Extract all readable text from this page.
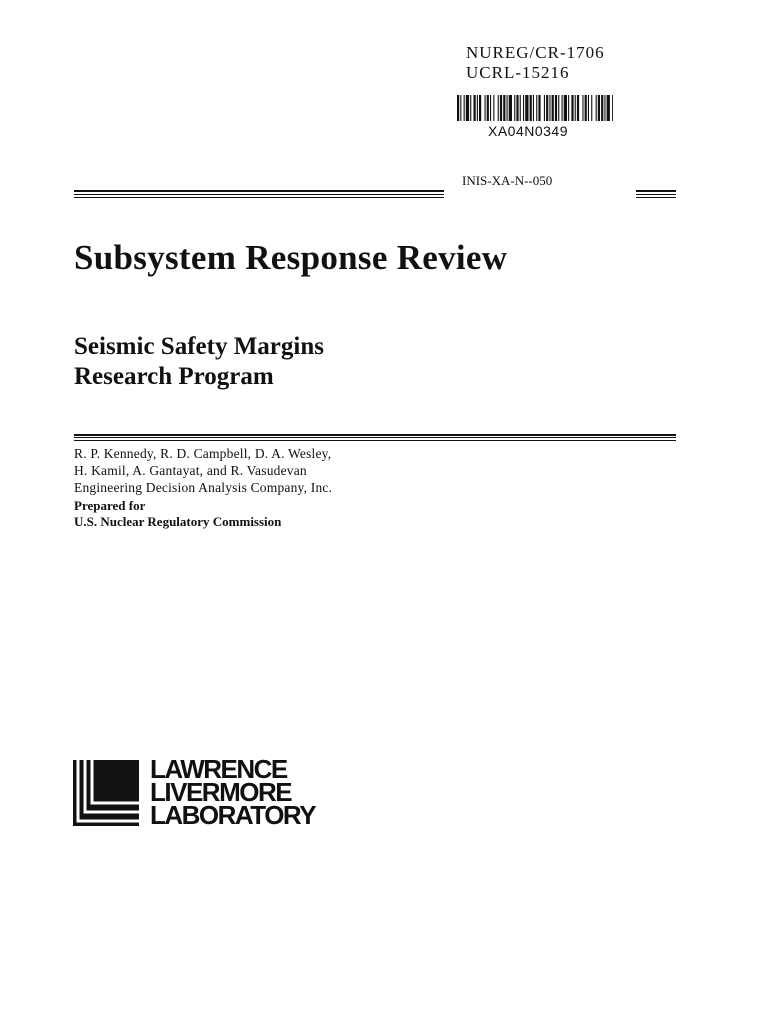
NUREG/CR-1706
UCRL-15216
XA04N0349
INIS-XA-N--050
Subsystem Response Review
Seismic Safety Margins
Research Program
R. P. Kennedy, R. D. Campbell, D. A. Wesley,
H. Kamil, A. Gantayat, and R. Vasudevan
Engineering Decision Analysis Company, Inc.
Prepared for
U.S. Nuclear Regulatory Commission
LAWRENCE
LIVERMORE
LABORATORY
